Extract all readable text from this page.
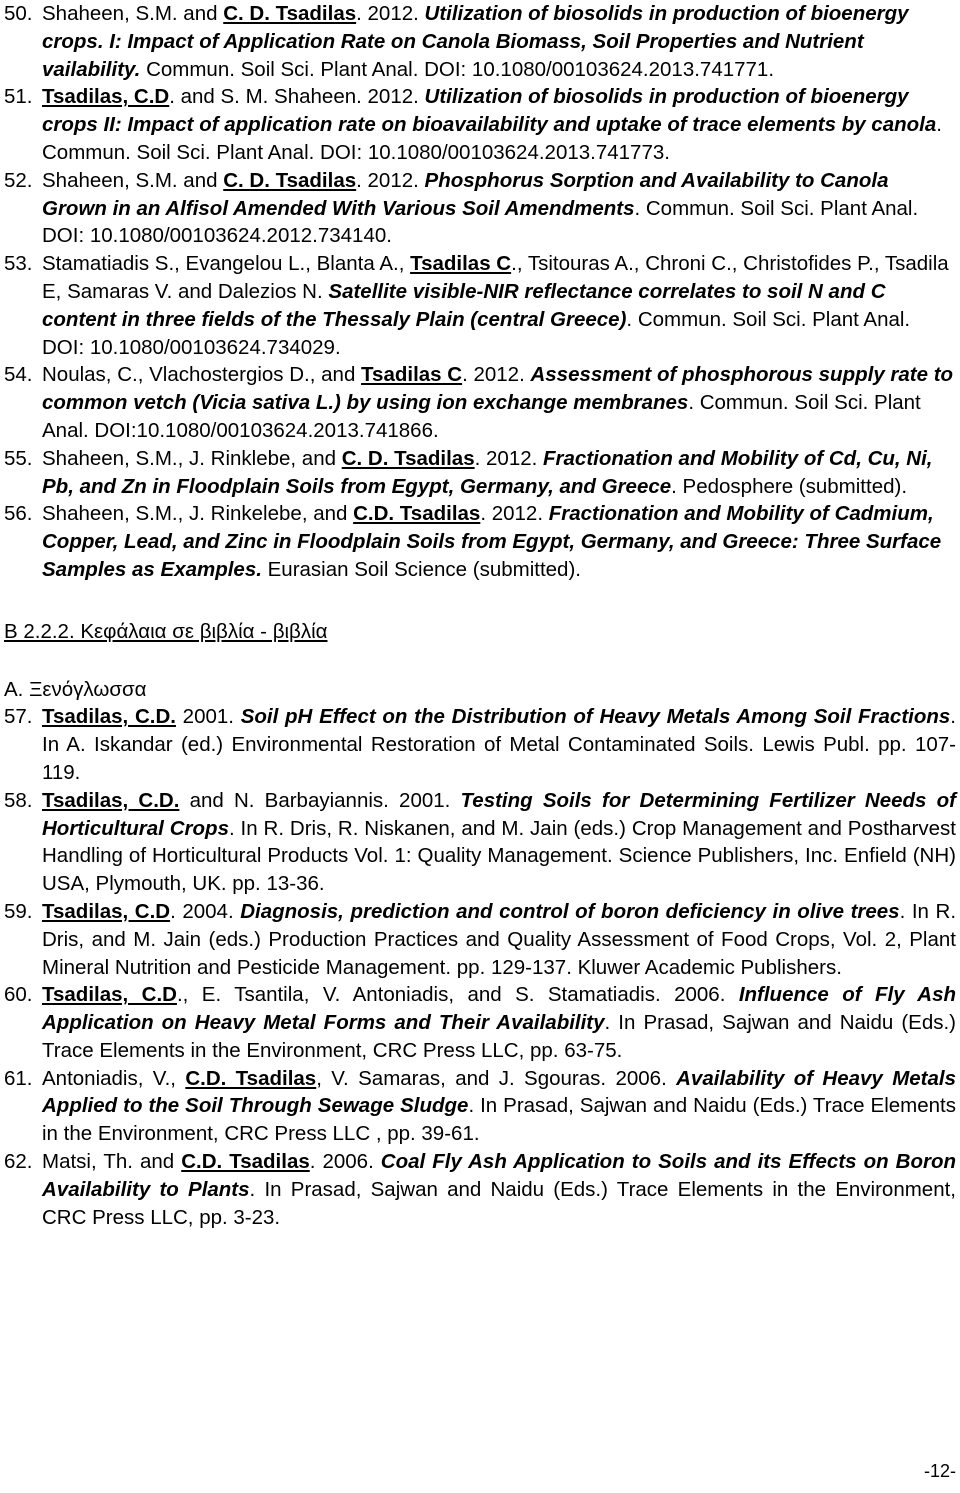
50. Shaheen, S.M. and C. D. Tsadilas. 2012. Utilization of biosolids in production of bioenergy crops. I: Impact of Application Rate on Canola Biomass, Soil Properties and Nutrient vailability. Commun. Soil Sci. Plant Anal. DOI: 10.1080/00103624.2013.741771.
51. Tsadilas, C.D. and S. M. Shaheen. 2012. Utilization of biosolids in production of bioenergy crops II: Impact of application rate on bioavailability and uptake of trace elements by canola. Commun. Soil Sci. Plant Anal. DOI: 10.1080/00103624.2013.741773.
52. Shaheen, S.M. and C. D. Tsadilas. 2012. Phosphorus Sorption and Availability to Canola Grown in an Alfisol Amended With Various Soil Amendments. Commun. Soil Sci. Plant Anal. DOI: 10.1080/00103624.2012.734140.
53. Stamatiadis S., Evangelou L., Blanta A., Tsadilas C., Tsitouras A., Chroni C., Christofides P., Tsadila E, Samaras V. and Dalezios N. Satellite visible-NIR reflectance correlates to soil N and C content in three fields of the Thessaly Plain (central Greece). Commun. Soil Sci. Plant Anal. DOI: 10.1080/00103624.734029.
54. Noulas, C., Vlachostergios D., and Tsadilas C. 2012. Assessment of phosphorous supply rate to common vetch (Vicia sativa L.) by using ion exchange membranes. Commun. Soil Sci. Plant Anal. DOI:10.1080/00103624.2013.741866.
55. Shaheen, S.M., J. Rinklebe, and C. D. Tsadilas. 2012. Fractionation and Mobility of Cd, Cu, Ni, Pb, and Zn in Floodplain Soils from Egypt, Germany, and Greece. Pedosphere (submitted).
56. Shaheen, S.M., J. Rinkelebe, and C.D. Tsadilas. 2012. Fractionation and Mobility of Cadmium, Copper, Lead, and Zinc in Floodplain Soils from Egypt, Germany, and Greece: Three Surface Samples as Examples. Eurasian Soil Science (submitted).

Β 2.2.2. Κεφάλαια σε βιβλία - βιβλία

Α. Ξενόγλωσσα

57. Tsadilas, C.D. 2001. Soil pH Effect on the Distribution of Heavy Metals Among Soil Fractions. In A. Iskandar (ed.) Environmental Restoration of Metal Contaminated Soils. Lewis Publ. pp. 107-119.
58. Tsadilas, C.D. and N. Barbayiannis. 2001. Testing Soils for Determining Fertilizer Needs of Horticultural Crops. In R. Dris, R. Niskanen, and M. Jain (eds.) Crop Management and Postharvest Handling of Horticultural Products Vol. 1: Quality Management. Science Publishers, Inc. Enfield (NH) USA, Plymouth, UK. pp. 13-36.
59. Tsadilas, C.D. 2004. Diagnosis, prediction and control of boron deficiency in olive trees. In R. Dris, and M. Jain (eds.) Production Practices and Quality Assessment of Food Crops, Vol. 2, Plant Mineral Nutrition and Pesticide Management. pp. 129-137. Kluwer Academic Publishers.
60. Tsadilas, C.D., E. Tsantila, V. Antoniadis, and S. Stamatiadis. 2006. Influence of Fly Ash Application on Heavy Metal Forms and Their Availability. In Prasad, Sajwan and Naidu (Eds.) Trace Elements in the Environment, CRC Press LLC, pp. 63-75.
61. Antoniadis, V., C.D. Tsadilas, V. Samaras, and J. Sgouras. 2006. Availability of Heavy Metals Applied to the Soil Through Sewage Sludge. In Prasad, Sajwan and Naidu (Eds.) Trace Elements in the Environment, CRC Press LLC , pp. 39-61.
62. Matsi, Th. and C.D. Tsadilas. 2006. Coal Fly Ash Application to Soils and its Effects on Boron Availability to Plants. In Prasad, Sajwan and Naidu (Eds.) Trace Elements in the Environment, CRC Press LLC, pp. 3-23.
-12-
